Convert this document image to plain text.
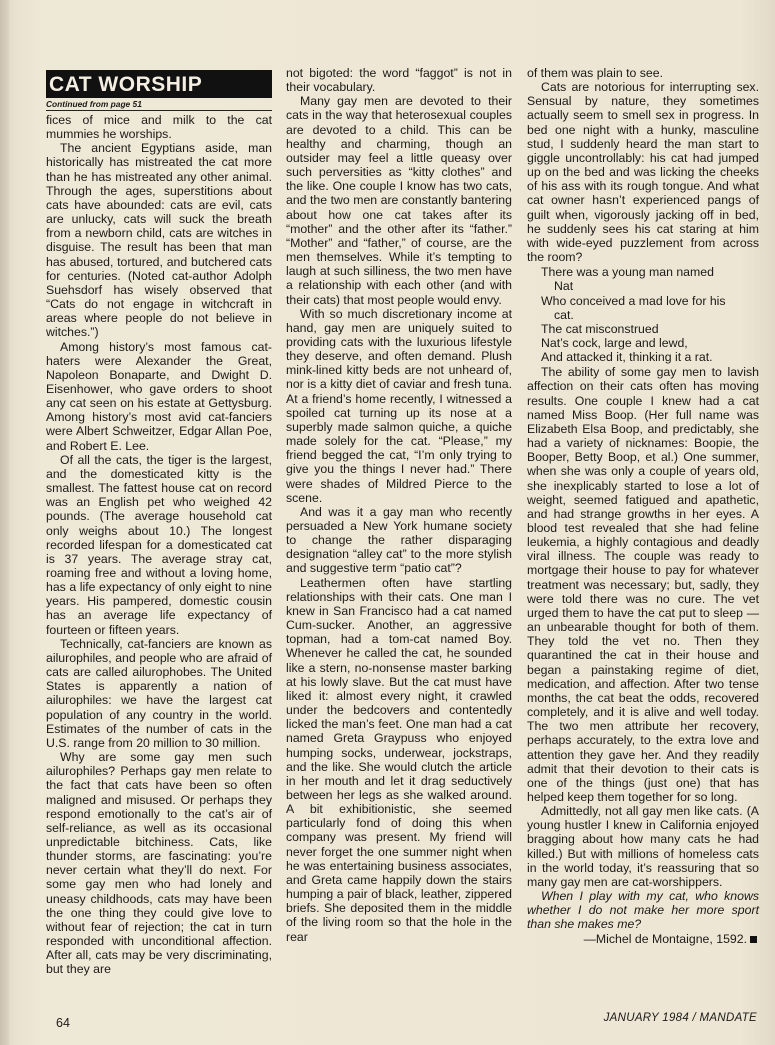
CAT WORSHIP
Continued from page 51

fices of mice and milk to the cat mummies he worships.

The ancient Egyptians aside, man historically has mistreated the cat more than he has mistreated any other animal. Through the ages, superstitions about cats have abounded: cats are evil, cats are unlucky, cats will suck the breath from a newborn child, cats are witches in disguise. The result has been that man has abused, tortured, and butchered cats for centuries. (Noted cat-author Adolph Suehsdorf has wisely observed that “Cats do not engage in witchcraft in areas where people do not believe in witches.”)

Among history’s most famous cat-haters were Alexander the Great, Napoleon Bonaparte, and Dwight D. Eisenhower, who gave orders to shoot any cat seen on his estate at Gettysburg. Among history’s most avid cat-fanciers were Albert Schweitzer, Edgar Allan Poe, and Robert E. Lee.

Of all the cats, the tiger is the largest, and the domesticated kitty is the smallest. The fattest house cat on record was an English pet who weighed 42 pounds. (The average household cat only weighs about 10.) The longest recorded lifespan for a domesticated cat is 37 years. The average stray cat, roaming free and without a loving home, has a life expectancy of only eight to nine years. His pampered, domestic cousin has an average life expectancy of fourteen or fifteen years.

Technically, cat-fanciers are known as ailurophiles, and people who are afraid of cats are called ailurophobes. The United States is apparently a nation of ailurophiles: we have the largest cat population of any country in the world. Estimates of the number of cats in the U.S. range from 20 million to 30 million.

Why are some gay men such ailurophiles? Perhaps gay men relate to the fact that cats have been so often maligned and misused. Or perhaps they respond emotionally to the cat’s air of self-reliance, as well as its occasional unpredictable bitchiness. Cats, like thunder storms, are fascinating: you’re never certain what they’ll do next. For some gay men who had lonely and uneasy childhoods, cats may have been the one thing they could give love to without fear of rejection; the cat in turn responded with unconditional affection. After all, cats may be very discriminating, but they are

not bigoted: the word “faggot” is not in their vocabulary.

Many gay men are devoted to their cats in the way that heterosexual couples are devoted to a child. This can be healthy and charming, though an outsider may feel a little queasy over such perversities as “kitty clothes” and the like. One couple I know has two cats, and the two men are constantly bantering about how one cat takes after its “mother” and the other after its “father.” “Mother” and “father,” of course, are the men themselves. While it’s tempting to laugh at such silliness, the two men have a relationship with each other (and with their cats) that most people would envy.

With so much discretionary income at hand, gay men are uniquely suited to providing cats with the luxurious lifestyle they deserve, and often demand. Plush mink-lined kitty beds are not unheard of, nor is a kitty diet of caviar and fresh tuna. At a friend’s home recently, I witnessed a spoiled cat turning up its nose at a superbly made salmon quiche, a quiche made solely for the cat. “Please,” my friend begged the cat, “I’m only trying to give you the things I never had.” There were shades of Mildred Pierce to the scene.

And was it a gay man who recently persuaded a New York humane society to change the rather disparaging designation “alley cat” to the more stylish and suggestive term “patio cat”?

Leathermen often have startling relationships with their cats. One man I knew in San Francisco had a cat named Cum-sucker. Another, an aggressive topman, had a tom-cat named Boy. Whenever he called the cat, he sounded like a stern, no-nonsense master barking at his lowly slave. But the cat must have liked it: almost every night, it crawled under the bedcovers and contentedly licked the man’s feet. One man had a cat named Greta Graypuss who enjoyed humping socks, underwear, jockstraps, and the like. She would clutch the article in her mouth and let it drag seductively between her legs as she walked around. A bit exhibitionistic, she seemed particularly fond of doing this when company was present. My friend will never forget the one summer night when he was entertaining business associates, and Greta came happily down the stairs humping a pair of black, leather, zippered briefs. She deposited them in the middle of the living room so that the hole in the rear

of them was plain to see.

Cats are notorious for interrupting sex. Sensual by nature, they sometimes actually seem to smell sex in progress. In bed one night with a hunky, masculine stud, I suddenly heard the man start to giggle uncontrollably: his cat had jumped up on the bed and was licking the cheeks of his ass with its rough tongue. And what cat owner hasn’t experienced pangs of guilt when, vigorously jacking off in bed, he suddenly sees his cat staring at him with wide-eyed puzzlement from across the room?

There was a young man named
Nat
Who conceived a mad love for his
cat.
The cat misconstrued
Nat’s cock, large and lewd,
And attacked it, thinking it a rat.

The ability of some gay men to lavish affection on their cats often has moving results. One couple I knew had a cat named Miss Boop. (Her full name was Elizabeth Elsa Boop, and predictably, she had a variety of nicknames: Boopie, the Booper, Betty Boop, et al.) One summer, when she was only a couple of years old, she inexplicably started to lose a lot of weight, seemed fatigued and apathetic, and had strange growths in her eyes. A blood test revealed that she had feline leukemia, a highly contagious and deadly viral illness. The couple was ready to mortgage their house to pay for whatever treatment was necessary; but, sadly, they were told there was no cure. The vet urged them to have the cat put to sleep — an unbearable thought for both of them. They told the vet no. Then they quarantined the cat in their house and began a painstaking regime of diet, medication, and affection. After two tense months, the cat beat the odds, recovered completely, and it is alive and well today. The two men attribute her recovery, perhaps accurately, to the extra love and attention they gave her. And they readily admit that their devotion to their cats is one of the things (just one) that has helped keep them together for so long.

Admittedly, not all gay men like cats. (A young hustler I knew in California enjoyed bragging about how many cats he had killed.) But with millions of homeless cats in the world today, it’s reassuring that so many gay men are cat-worshippers.

When I play with my cat, who knows whether I do not make her more sport than she makes me?

—Michel de Montaigne, 1592.
64	JANUARY 1984 / MANDATE
